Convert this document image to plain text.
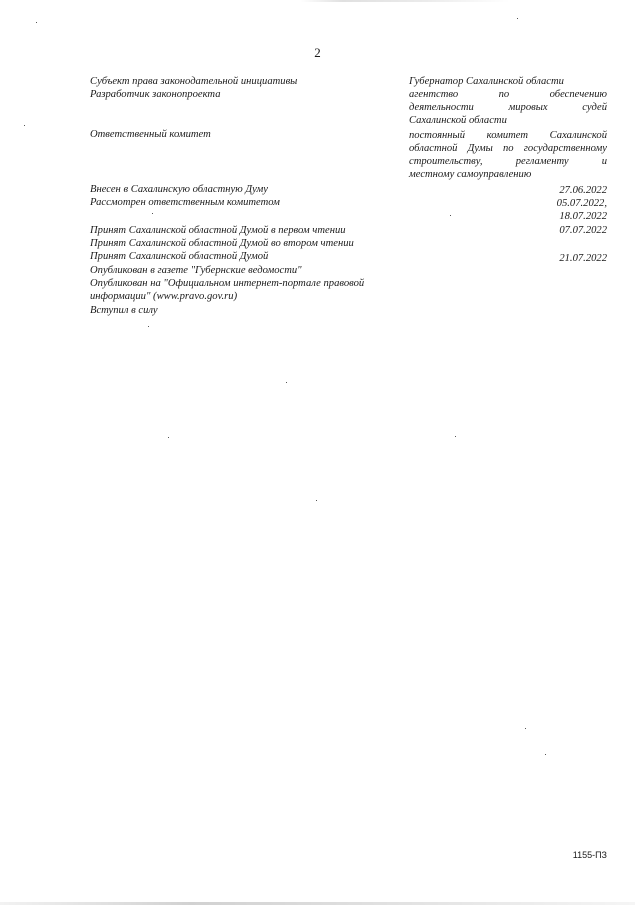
2
Субъект права законодательной инициативы	Губернатор Сахалинской области
Разработчик законопроекта	агентство по обеспечению
деятельности мировых судей
Сахалинской области
Ответственный комитет	постоянный комитет Сахалинской
областной Думы по государственному
строительству, регламенту и
местному самоуправлению
Внесен в Сахалинскую областную Думу	27.06.2022
Рассмотрен ответственным комитетом	05.07.2022,
18.07.2022
Принят Сахалинской областной Думой в первом чтении	07.07.2022
Принят Сахалинской областной Думой во втором чтении
Принят Сахалинской областной Думой	21.07.2022
Опубликован в газете "Губернские ведомости"
Опубликован на "Официальном интернет-портале правовой
информации" (www.pravo.gov.ru)
Вступил в силу
1155-ПЗ
